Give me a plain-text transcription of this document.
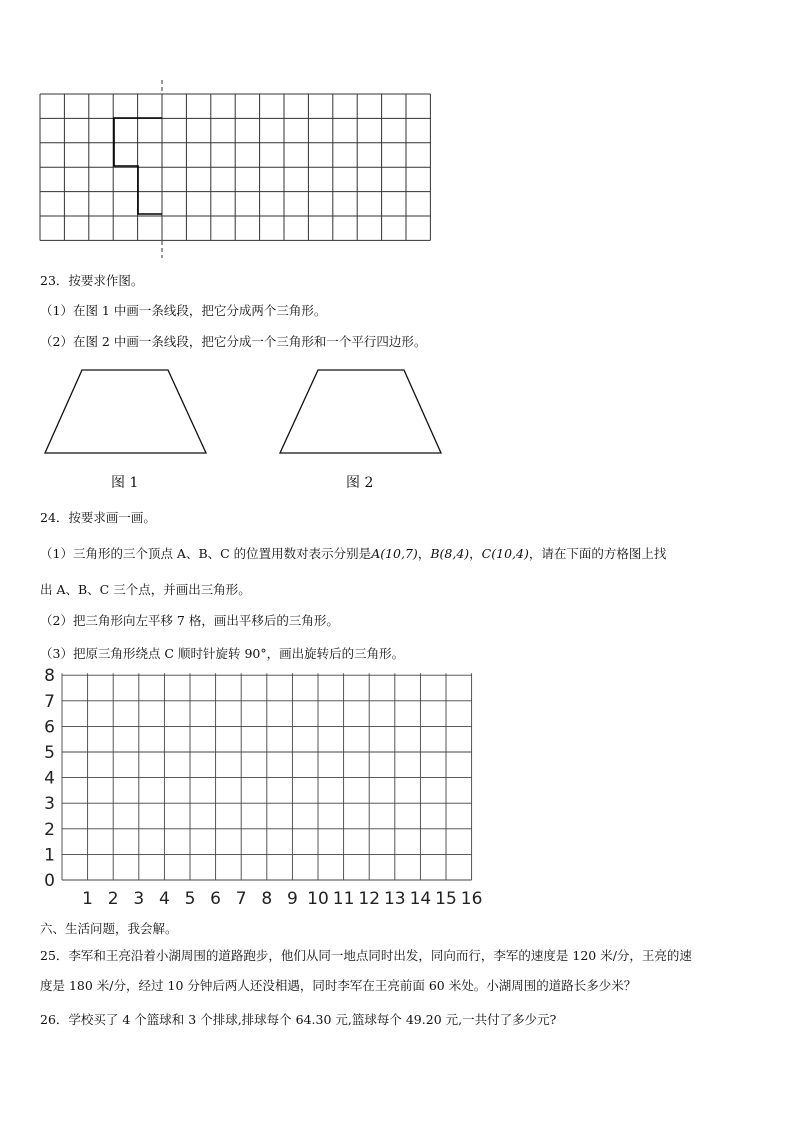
23．按要求作图。
（1）在图 1 中画一条线段，把它分成两个三角形。
（2）在图 2 中画一条线段，把它分成一个三角形和一个平行四边形。
图 1	图 2
24．按要求画一画。
（1）三角形的三个顶点 A、B、C 的位置用数对表示分别是A(10,7)，B(8,4)，C(10,4)，请在下面的方格图上找
出 A、B、C 三个点，并画出三角形。
（2）把三角形向左平移 7 格，画出平移后的三角形。
（3）把原三角形绕点 C 顺时针旋转 90°，画出旋转后的三角形。
1 2 3 4 5 6 7 8 9 10 11 12 13 14 15 16
0
1
2
3
4
5
6
7
8
六、生活问题，我会解。
25．李军和王亮沿着小湖周围的道路跑步，他们从同一地点同时出发，同向而行，李军的速度是 120 米/分，王亮的速
度是 180 米/分，经过 10 分钟后两人还没相遇，同时李军在王亮前面 60 米处。小湖周围的道路长多少米？
26．学校买了 4 个篮球和 3 个排球,排球每个 64.30 元,篮球每个 49.20 元,一共付了多少元?
